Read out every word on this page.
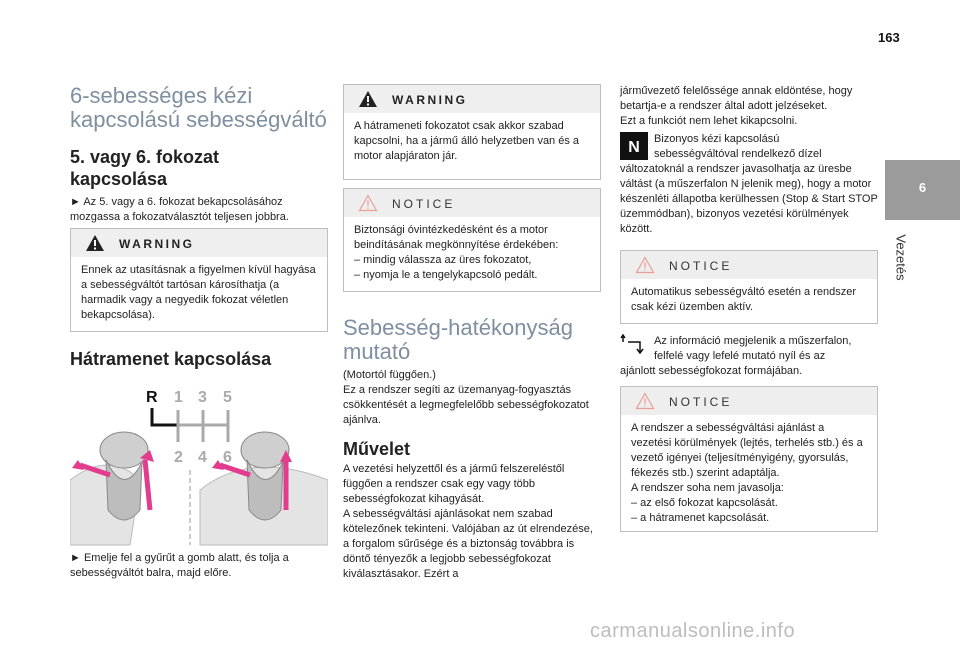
163
6
Vezetés
6-sebességes kézi
kapcsolású sebességváltó
5. vagy 6. fokozat
kapcsolása
► Az 5. vagy a 6. fokozat bekapcsolásához mozgassa a fokozatválasztót teljesen jobbra.
WARNING
Ennek az utasításnak a figyelmen kívül hagyása a sebességváltót tartósan károsíthatja (a harmadik vagy a negyedik fokozat véletlen bekapcsolása).
Hátramenet kapcsolása
R 1 3 5
2 4 6
► Emelje fel a gyűrűt a gomb alatt, és tolja a sebességváltót balra, majd előre.
WARNING
A hátrameneti fokozatot csak akkor szabad kapcsolni, ha a jármű álló helyzetben van és a motor alapjáraton jár.
NOTICE
Biztonsági óvintézkedésként és a motor beindításának megkönnyítése érdekében:
– mindig válassza az üres fokozatot,
– nyomja le a tengelykapcsoló pedált.
Sebesség-hatékonyság
mutató
(Motortól függően.)
Ez a rendszer segíti az üzemanyag-fogyasztás csökkentését a legmegfelelőbb sebességfokozatot ajánlva.
Művelet
A vezetési helyzettől és a jármű felszereléstől függően a rendszer csak egy vagy több sebességfokozat kihagyását.
A sebességváltási ajánlásokat nem szabad kötelezőnek tekinteni. Valójában az út elrendezése, a forgalom sűrűsége és a biztonság továbbra is döntő tényezők a legjobb sebességfokozat kiválasztásakor. Ezért a
járművezető felelőssége annak eldöntése, hogy betartja-e a rendszer által adott jelzéseket.
Ezt a funkciót nem lehet kikapcsolni.
N Bizonyos kézi kapcsolású
sebességváltóval rendelkező dízel
változatoknál a rendszer javasolhatja az üresbe váltást (a műszerfalon N jelenik meg), hogy a motor készenléti állapotba kerülhessen (Stop & Start STOP üzemmódban), bizonyos vezetési körülmények között.
NOTICE
Automatikus sebességváltó esetén a rendszer csak kézi üzemben aktív.
Az információ megjelenik a műszerfalon,
felfelé vagy lefelé mutató nyíl és az
ajánlott sebességfokozat formájában.
NOTICE
A rendszer a sebességváltási ajánlást a vezetési körülmények (lejtés, terhelés stb.) és a vezető igényei (teljesítményigény, gyorsulás, fékezés stb.) szerint adaptálja.
A rendszer soha nem javasolja:
– az első fokozat kapcsolását.
– a hátramenet kapcsolását.
carmanualsonline.info
